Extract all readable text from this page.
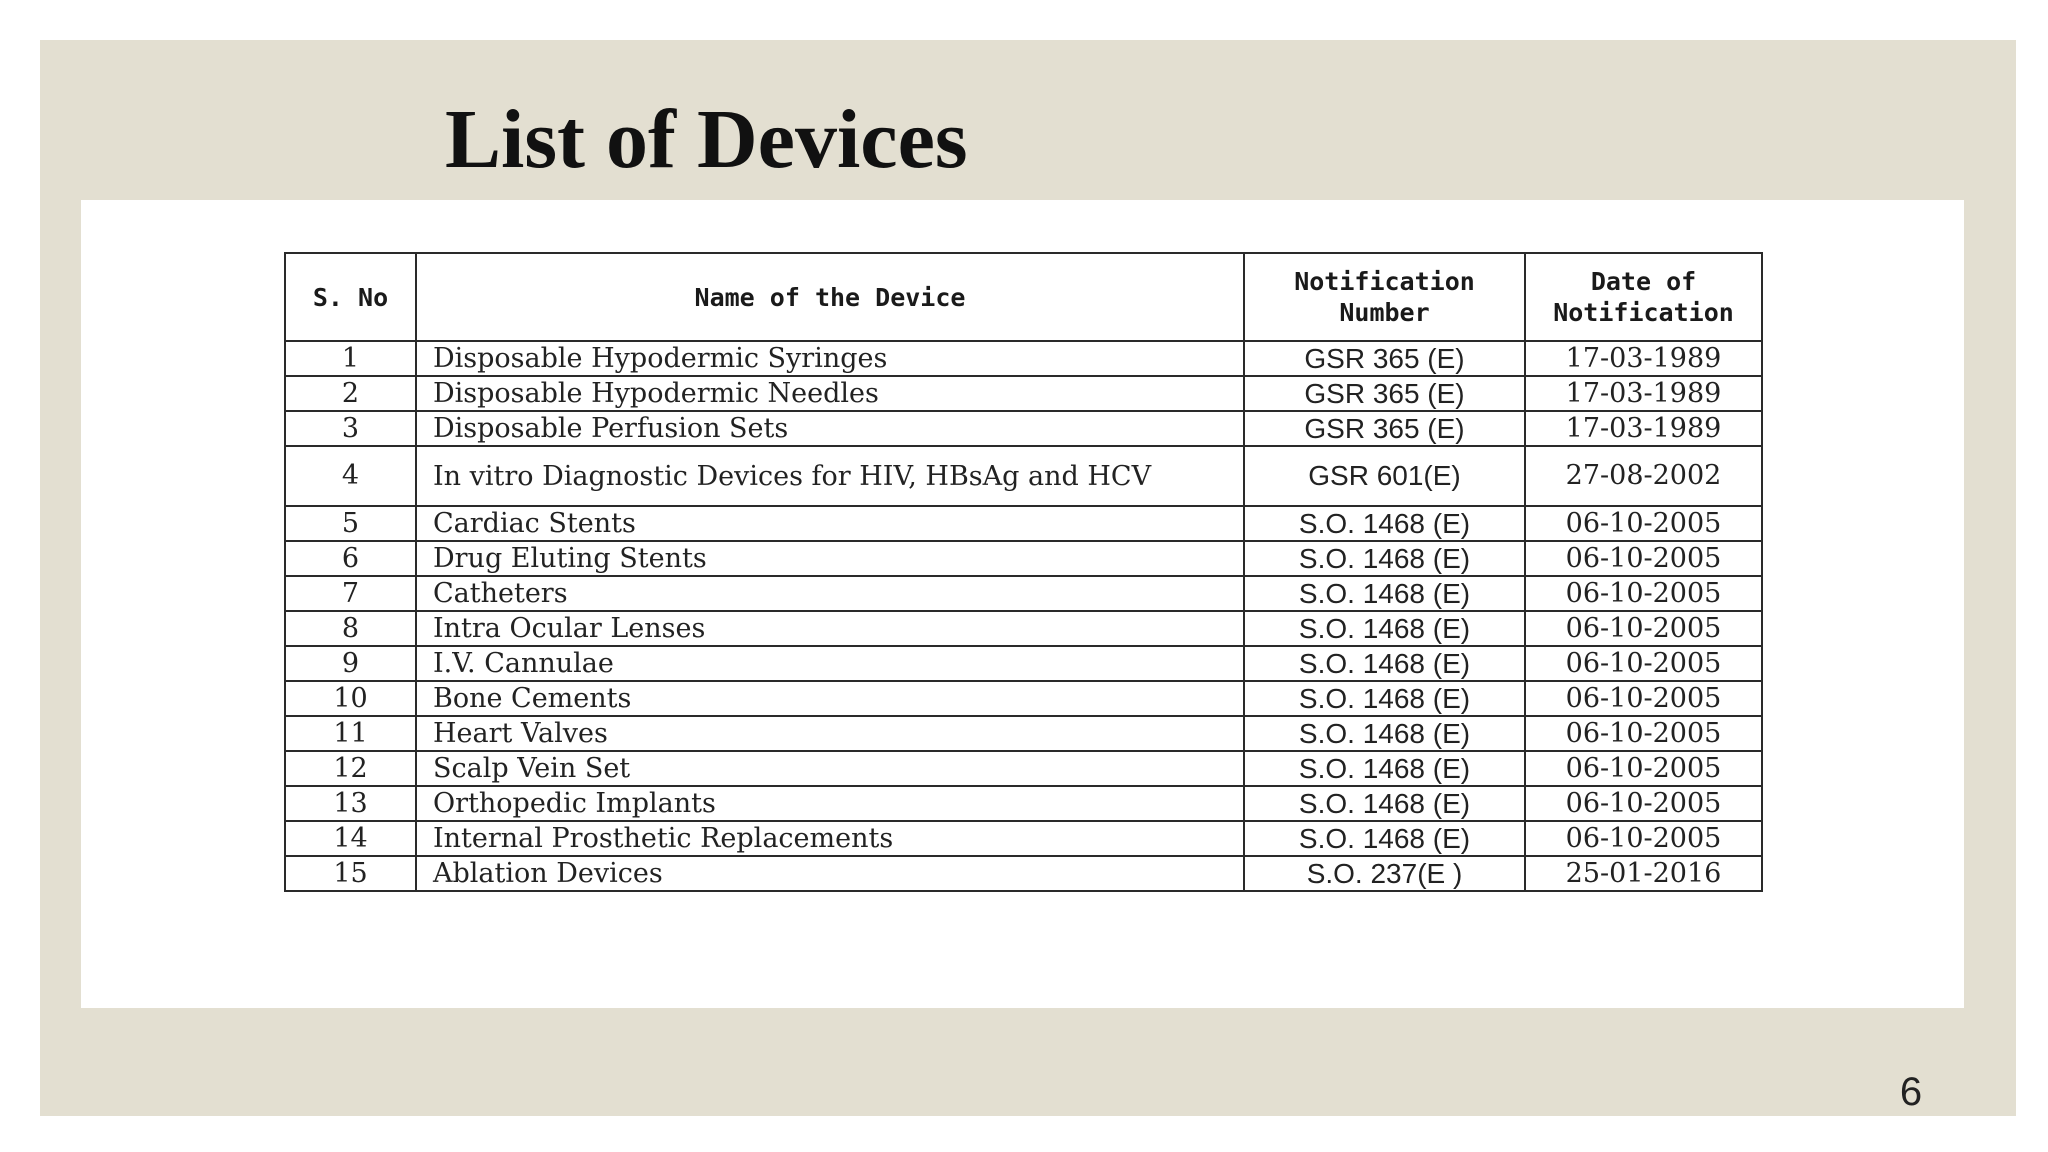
List of Devices
S. No	Name of the Device	Notification Number	Date of Notification
1	Disposable Hypodermic Syringes	GSR 365 (E)	17-03-1989
2	Disposable Hypodermic Needles	GSR 365 (E)	17-03-1989
3	Disposable Perfusion Sets	GSR 365 (E)	17-03-1989
4	In vitro Diagnostic Devices for HIV, HBsAg and HCV	GSR 601(E)	27-08-2002
5	Cardiac Stents	S.O. 1468 (E)	06-10-2005
6	Drug Eluting Stents	S.O. 1468 (E)	06-10-2005
7	Catheters	S.O. 1468 (E)	06-10-2005
8	Intra Ocular Lenses	S.O. 1468 (E)	06-10-2005
9	I.V. Cannulae	S.O. 1468 (E)	06-10-2005
10	Bone Cements	S.O. 1468 (E)	06-10-2005
11	Heart Valves	S.O. 1468 (E)	06-10-2005
12	Scalp Vein Set	S.O. 1468 (E)	06-10-2005
13	Orthopedic Implants	S.O. 1468 (E)	06-10-2005
14	Internal Prosthetic Replacements	S.O. 1468 (E)	06-10-2005
15	Ablation Devices	S.O. 237(E )	25-01-2016

6
